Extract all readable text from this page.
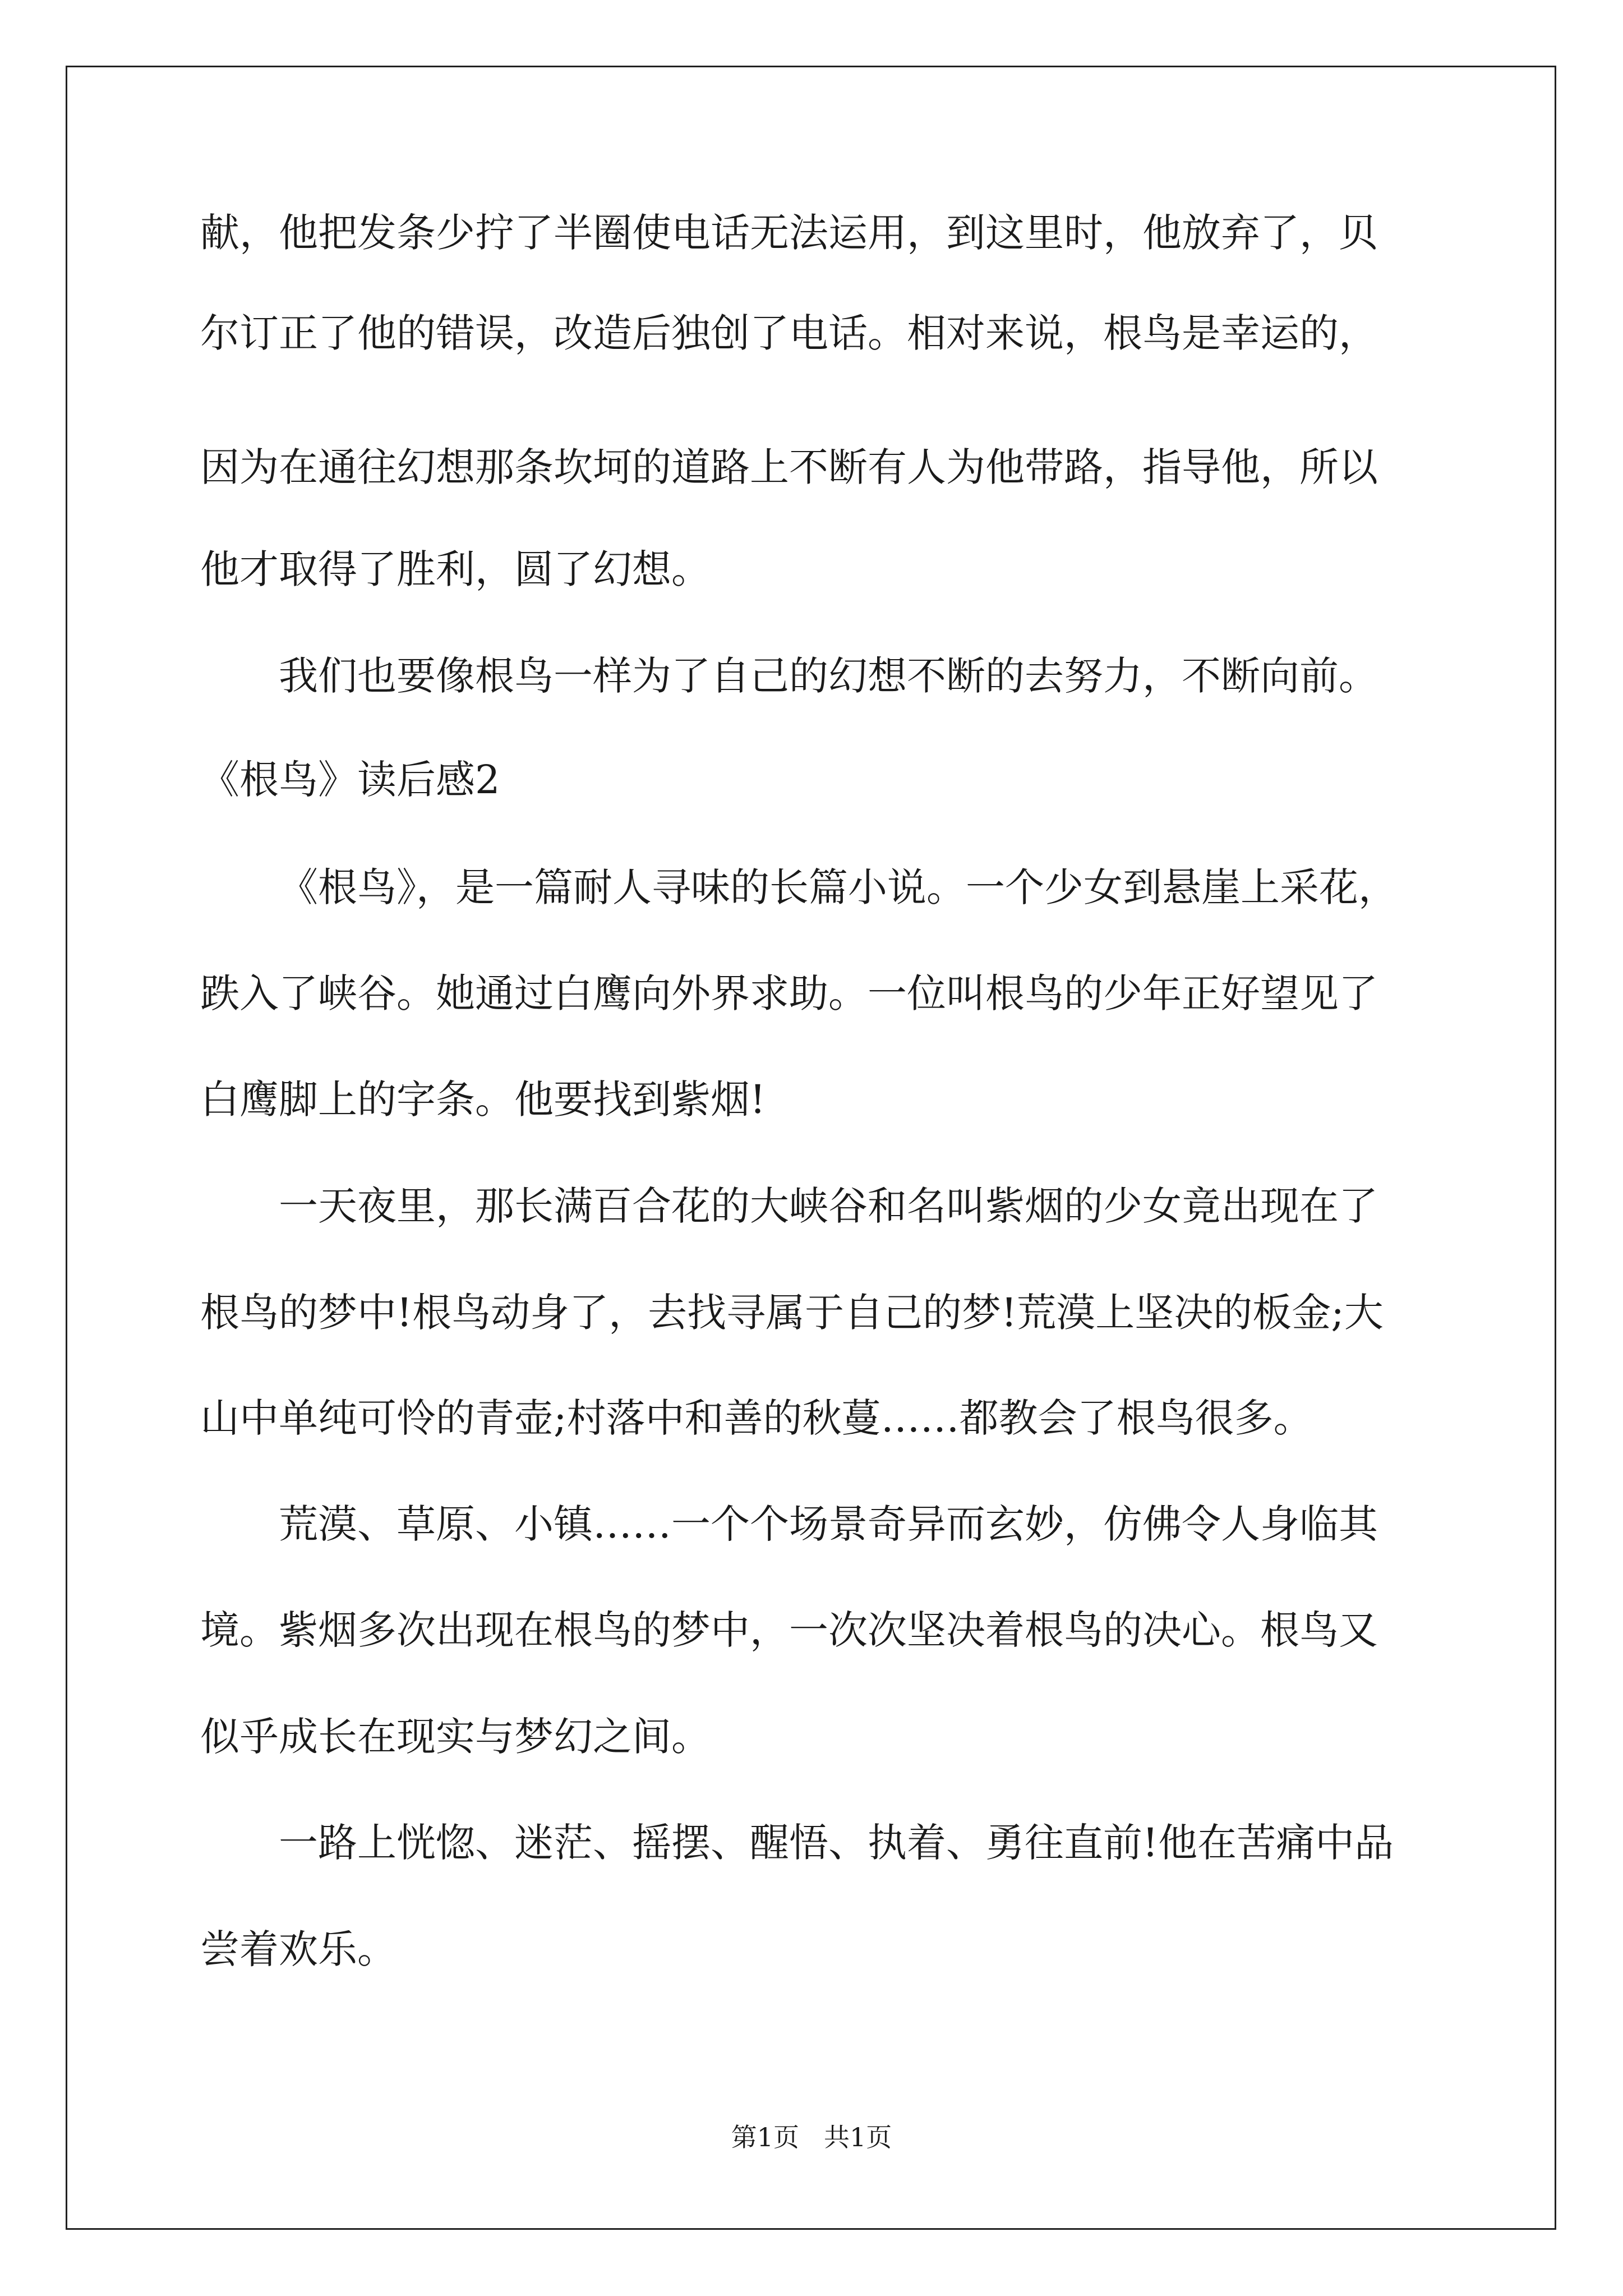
献，他把发条少拧了半圈使电话无法运用，到这里时，他放弃了，贝
尔订正了他的错误，改造后独创了电话。相对来说，根鸟是幸运的，
因为在通往幻想那条坎坷的道路上不断有人为他带路，指导他，所以
他才取得了胜利，圆了幻想。
我们也要像根鸟一样为了自己的幻想不断的去努力，不断向前。
《根鸟》读后感2
《根鸟》，是一篇耐人寻味的长篇小说。一个少女到悬崖上采花，
跌入了峡谷。她通过白鹰向外界求助。一位叫根鸟的少年正好望见了
白鹰脚上的字条。他要找到紫烟!
一天夜里，那长满百合花的大峡谷和名叫紫烟的少女竟出现在了
根鸟的梦中!根鸟动身了，去找寻属于自己的梦!荒漠上坚决的板金;大
山中单纯可怜的青壶;村落中和善的秋蔓……都教会了根鸟很多。
荒漠、草原、小镇……一个个场景奇异而玄妙，仿佛令人身临其
境。紫烟多次出现在根鸟的梦中，一次次坚决着根鸟的决心。根鸟又
似乎成长在现实与梦幻之间。
一路上恍惚、迷茫、摇摆、醒悟、执着、勇往直前!他在苦痛中品
尝着欢乐。
第1页 共1页
